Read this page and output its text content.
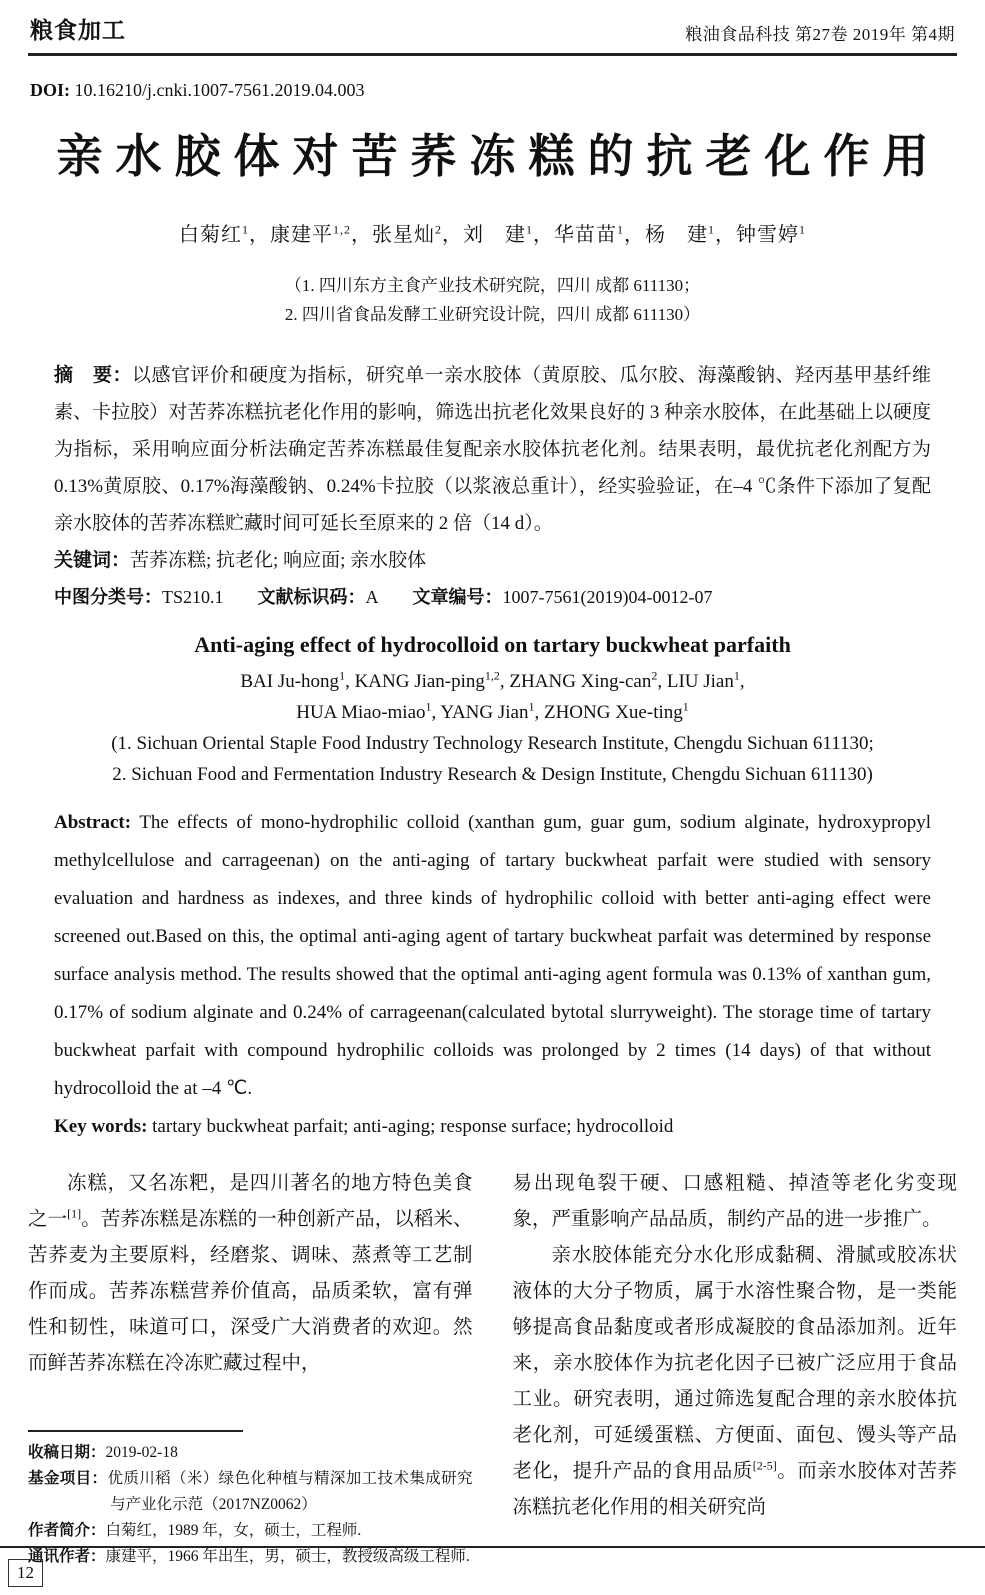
粮食加工	粮油食品科技 第27卷 2019年 第4期

DOI: 10.16210/j.cnki.1007-7561.2019.04.003

亲水胶体对苦荞冻糕的抗老化作用

白菊红$^1$，康建平$^{1,2}$，张星灿$^2$，刘　建$^1$，华苗苗$^1$，杨　建$^1$，钟雪婷$^1$

（1. 四川东方主食产业技术研究院，四川 成都 611130；
2. 四川省食品发酵工业研究设计院，四川 成都 611130）
摘　要：以感官评价和硬度为指标，研究单一亲水胶体（黄原胶、瓜尔胶、海藻酸钠、羟丙基甲基纤维素、卡拉胶）对苦荞冻糕抗老化作用的影响，筛选出抗老化效果良好的 3 种亲水胶体，在此基础上以硬度为指标，采用响应面分析法确定苦荞冻糕最佳复配亲水胶体抗老化剂。结果表明，最优抗老化剂配方为 0.13%黄原胶、0.17%海藻酸钠、0.24%卡拉胶（以浆液总重计），经实验验证，在–4 ℃条件下添加了复配亲水胶体的苦荞冻糕贮藏时间可延长至原来的 2 倍（14 d）。
关键词：苦荞冻糕; 抗老化; 响应面; 亲水胶体
中图分类号：TS210.1 文献标识码：A 文章编号：1007-7561(2019)04-0012-07
Anti-aging effect of hydrocolloid on tartary buckwheat parfaith

BAI Ju-hong$^1$, KANG Jian-ping$^{1,2}$, ZHANG Xing-can$^2$, LIU Jian$^1$,

HUA Miao-miao$^1$, YANG Jian$^1$, ZHONG Xue-ting$^1$

(1. Sichuan Oriental Staple Food Industry Technology Research Institute, Chengdu Sichuan 611130;

2. Sichuan Food and Fermentation Industry Research & Design Institute, Chengdu Sichuan 611130)

Abstract: The effects of mono-hydrophilic colloid (xanthan gum, guar gum, sodium alginate, hydroxypropyl methylcellulose and carrageenan) on the anti-aging of tartary buckwheat parfait were studied with sensory evaluation and hardness as indexes, and three kinds of hydrophilic colloid with better anti-aging effect were screened out.Based on this, the optimal anti-aging agent of tartary buckwheat parfait was determined by response surface analysis method. The results showed that the optimal anti-aging agent formula was 0.13% of xanthan gum, 0.17% of sodium alginate and 0.24% of carrageenan(calculated bytotal slurryweight). The storage time of tartary buckwheat parfait with compound hydrophilic colloids was prolonged by 2 times (14 days) of that without hydrocolloid the at –4 ℃.
Key words: tartary buckwheat parfait; anti-aging; response surface; hydrocolloid

冻糕，又名冻粑，是四川著名的地方特色美食之一[1]。苦荞冻糕是冻糕的一种创新产品，以稻米、苦荞麦为主要原料，经磨浆、调味、蒸煮等工艺制作而成。苦荞冻糕营养价值高，品质柔软，富有弹性和韧性，味道可口，深受广大消费者的欢迎。然而鲜苦荞冻糕在冷冻贮藏过程中，

收稿日期：2019-02-18
基金项目：优质川稻（米）绿色化种植与精深加工技术集成研究与产业化示范（2017NZ0062）
作者简介：白菊红，1989 年，女，硕士，工程师.
通讯作者：康建平，1966 年出生，男，硕士，教授级高级工程师.

易出现龟裂干硬、口感粗糙、掉渣等老化劣变现象，严重影响产品品质，制约产品的进一步推广。

亲水胶体能充分水化形成黏稠、滑腻或胶冻状液体的大分子物质，属于水溶性聚合物，是一类能够提高食品黏度或者形成凝胶的食品添加剂。近年来，亲水胶体作为抗老化因子已被广泛应用于食品工业。研究表明，通过筛选复配合理的亲水胶体抗老化剂，可延缓蛋糕、方便面、面包、馒头等产品老化，提升产品的食用品质[2-5]。而亲水胶体对苦荞冻糕抗老化作用的相关研究尚

12
